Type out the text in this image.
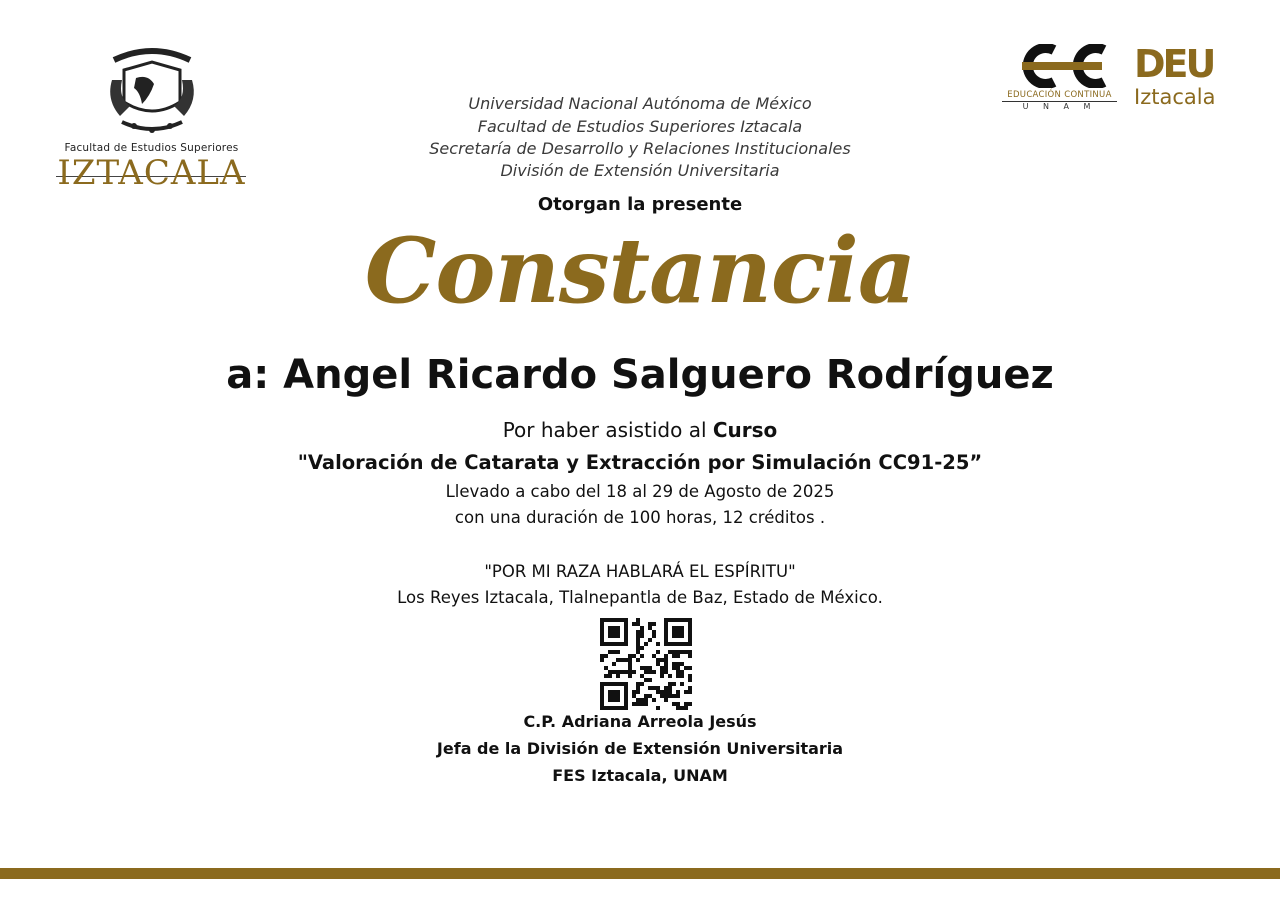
Facultad de Estudios Superiores
IZTACALA
EDUCACIÓN CONTINUA
U N A M
DEU
Iztacala
Universidad Nacional Autónoma de México
Facultad de Estudios Superiores Iztacala
Secretaría de Desarrollo y Relaciones Institucionales
División de Extensión Universitaria
Otorgan la presente
Constancia
a: Angel Ricardo Salguero Rodríguez
Por haber asistido al Curso
"Valoración de Catarata y Extracción por Simulación CC91-25”
Llevado a cabo del 18 al 29 de Agosto de 2025
con una duración de 100 horas, 12 créditos .
"POR MI RAZA HABLARÁ EL ESPÍRITU"
Los Reyes Iztacala, Tlalnepantla de Baz, Estado de México.
C.P. Adriana Arreola Jesús
Jefa de la División de Extensión Universitaria
FES Iztacala, UNAM
